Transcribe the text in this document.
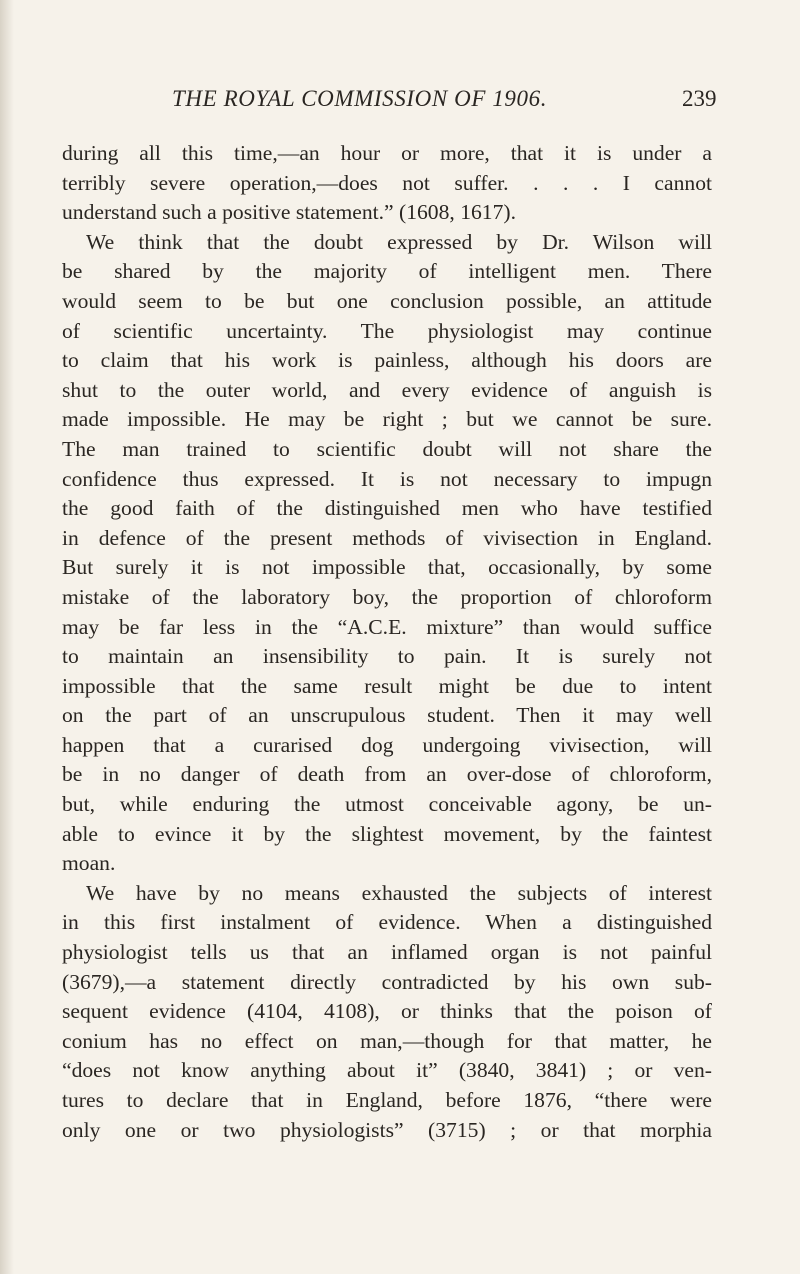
THE ROYAL COMMISSION OF 1906.	239
during all this time,—an hour or more, that it is under a
terribly severe operation,—does not suffer. . . . I cannot
understand such a positive statement.” (1608, 1617).
We think that the doubt expressed by Dr. Wilson will
be shared by the majority of intelligent men. There
would seem to be but one conclusion possible, an attitude
of scientific uncertainty. The physiologist may continue
to claim that his work is painless, although his doors are
shut to the outer world, and every evidence of anguish is
made impossible. He may be right ; but we cannot be sure.
The man trained to scientific doubt will not share the
confidence thus expressed. It is not necessary to impugn
the good faith of the distinguished men who have testified
in defence of the present methods of vivisection in England.
But surely it is not impossible that, occasionally, by some
mistake of the laboratory boy, the proportion of chloroform
may be far less in the “A.C.E. mixture” than would suffice
to maintain an insensibility to pain. It is surely not
impossible that the same result might be due to intent
on the part of an unscrupulous student. Then it may well
happen that a curarised dog undergoing vivisection, will
be in no danger of death from an over-dose of chloroform,
but, while enduring the utmost conceivable agony, be un-
able to evince it by the slightest movement, by the faintest
moan.
We have by no means exhausted the subjects of interest
in this first instalment of evidence. When a distinguished
physiologist tells us that an inflamed organ is not painful
(3679),—a statement directly contradicted by his own sub-
sequent evidence (4104, 4108), or thinks that the poison of
conium has no effect on man,—though for that matter, he
“does not know anything about it” (3840, 3841) ; or ven-
tures to declare that in England, before 1876, “there were
only one or two physiologists” (3715) ; or that morphia
